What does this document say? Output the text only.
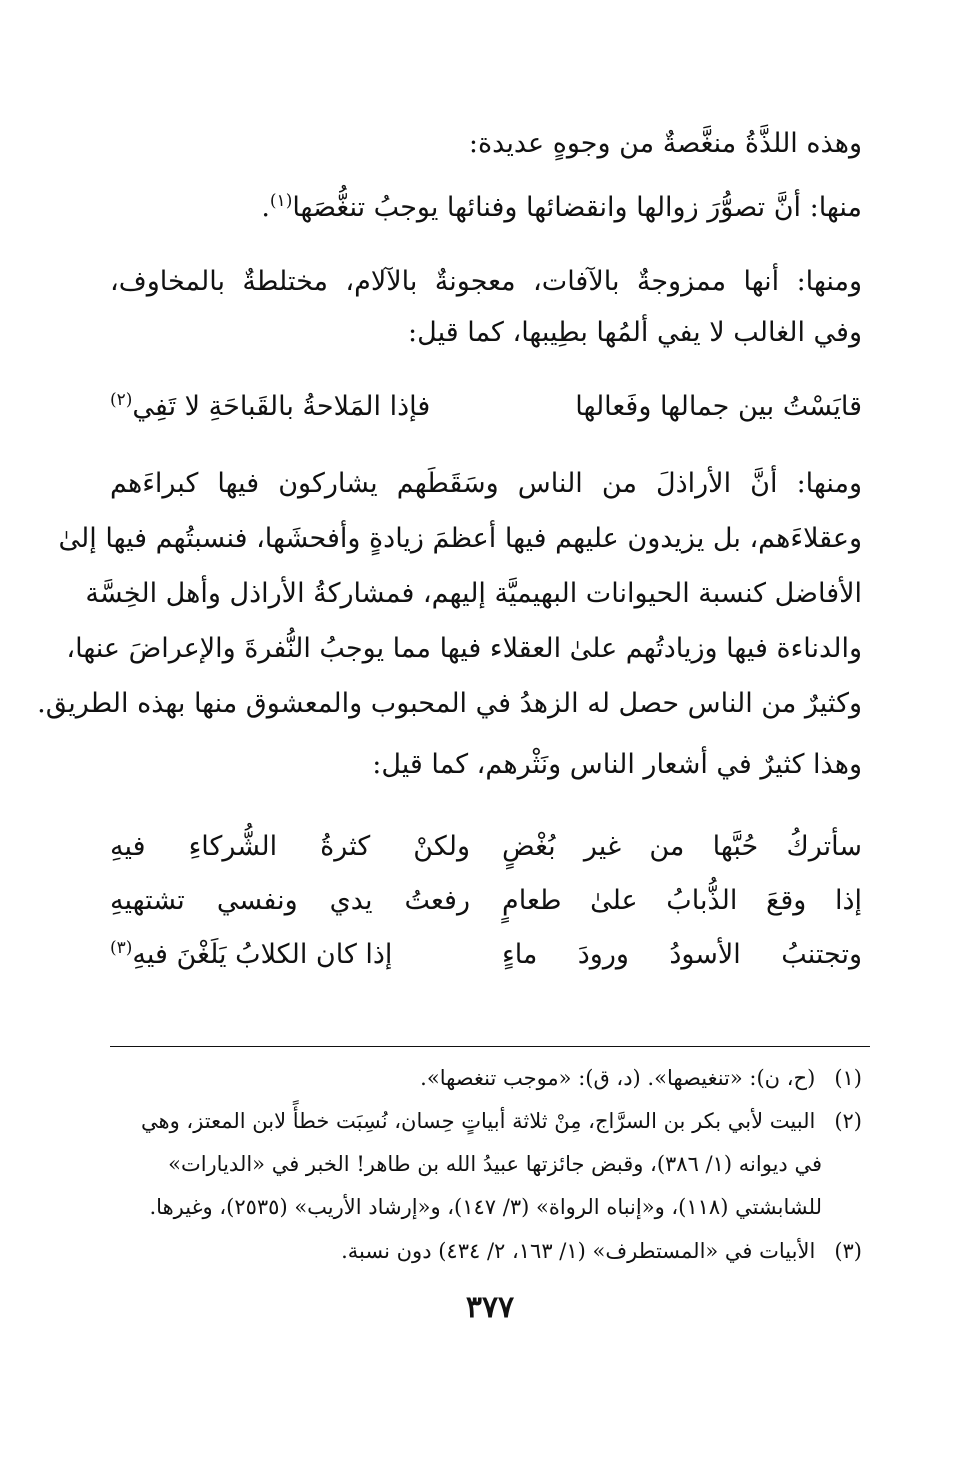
وهذه اللذَّةُ منغَّصةٌ من وجوهٍ عديدة:
منها: أنَّ تصوُّرَ زوالها وانقضائها وفنائها يوجبُ تنغُّصَها$^{(١)}$.
ومنها: أنها ممزوجةٌ بالآفات، معجونةٌ بالآلام، مختلطةٌ بالمخاوف،
وفي الغالب لا يفي ألمُها بطِيبها، كما قيل:
قايَسْتُ بين جمالها وفَعالها
فإذا المَلاحةُ بالقَباحَةِ لا تَفِي$^{(٢)}$
ومنها: أنَّ الأراذلَ من الناس وسَقَطَهم يشاركون فيها كبراءَهم
وعقلاءَهم، بل يزيدون عليهم فيها أعظمَ زيادةٍ وأفحشَها، فنسبتُهم فيها إلىٰ
الأفاضل كنسبة الحيوانات البهيميَّة إليهم، فمشاركةُ الأراذل وأهل الخِسَّة
والدناءة فيها وزيادتُهم علىٰ العقلاء فيها مما يوجبُ النُّفرةَ والإعراضَ عنها،
وكثيرٌ من الناس حصل له الزهدُ في المحبوب والمعشوق منها بهذه الطريق.
وهذا كثيرٌ في أشعار الناس ونَثْرهم، كما قيل:
سأتركُ حُبَّها من غير بُغْضٍ
ولكنْ كثرةُ الشُّركاءِ فيهِ
إذا وقعَ الذُّبابُ علىٰ طعامٍ
رفعتُ يدي ونفسي تشتهيهِ
وتجتنبُ الأسودُ ورودَ ماءٍ
إذا كان الكلابُ يَلَغْنَ فيهِ$^{(٣)}$
(١) (ح، ن): «تنغيصها». (د، ق): «موجب تنغصها».
(٢) البيت لأبي بكر بن السرَّاج، مِنْ ثلاثة أبياتٍ حِسان، نُسِبَت خطأً لابن المعتز، وهي
في ديوانه (١/ ٣٨٦)، وقبض جائزتها عبيدُ الله بن طاهر! الخبر في «الديارات»
للشابشتي (١١٨)، و«إنباه الرواة» (٣/ ١٤٧)، و«إرشاد الأريب» (٢٥٣٥)، وغيرها.
(٣) الأبيات في «المستطرف» (١/ ١٦٣، ٢/ ٤٣٤) دون نسبة.
٣٧٧
